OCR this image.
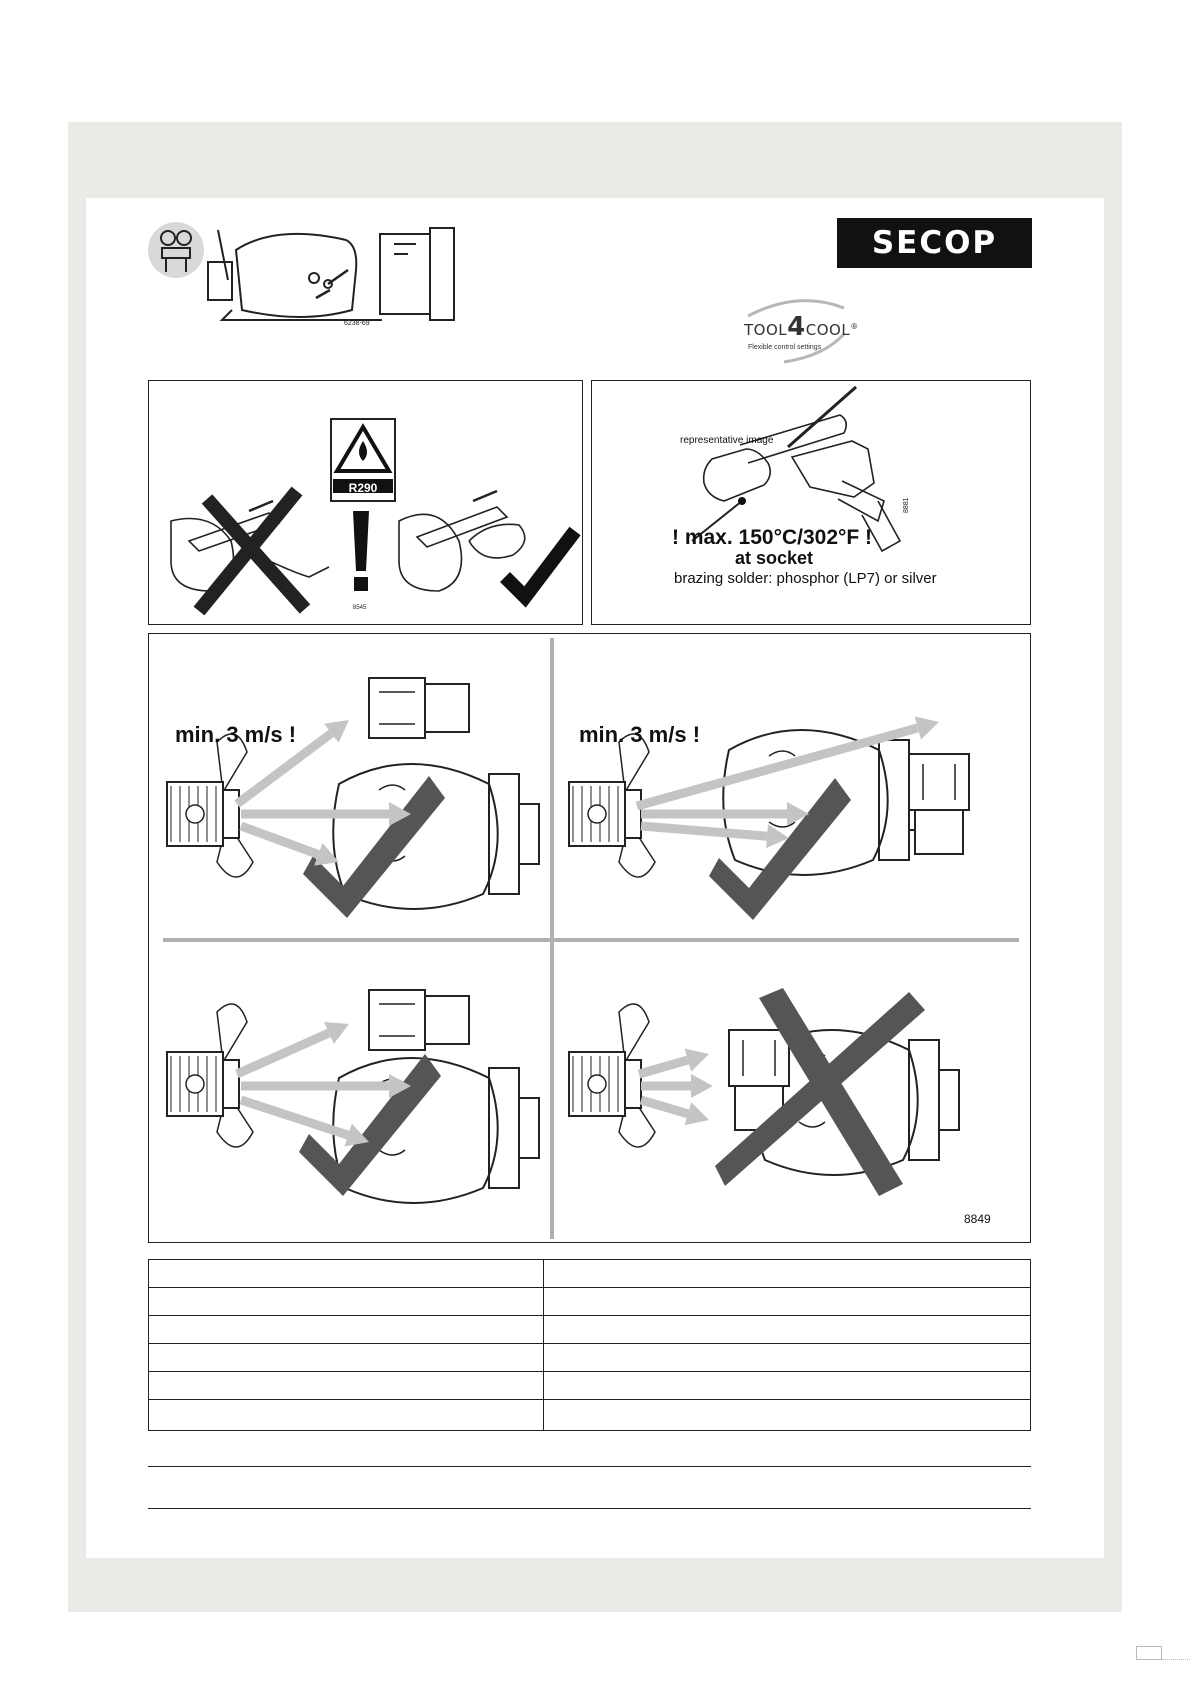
6238-69
SECOP
TOOL4COOL®
Flexible control settings
8545
R290
8881
representative image
! max. 150°C/302°F !
at socket
brazing solder: phosphor (LP7) or silver
min. 3 m/s !	min. 3 m/s !
8849
